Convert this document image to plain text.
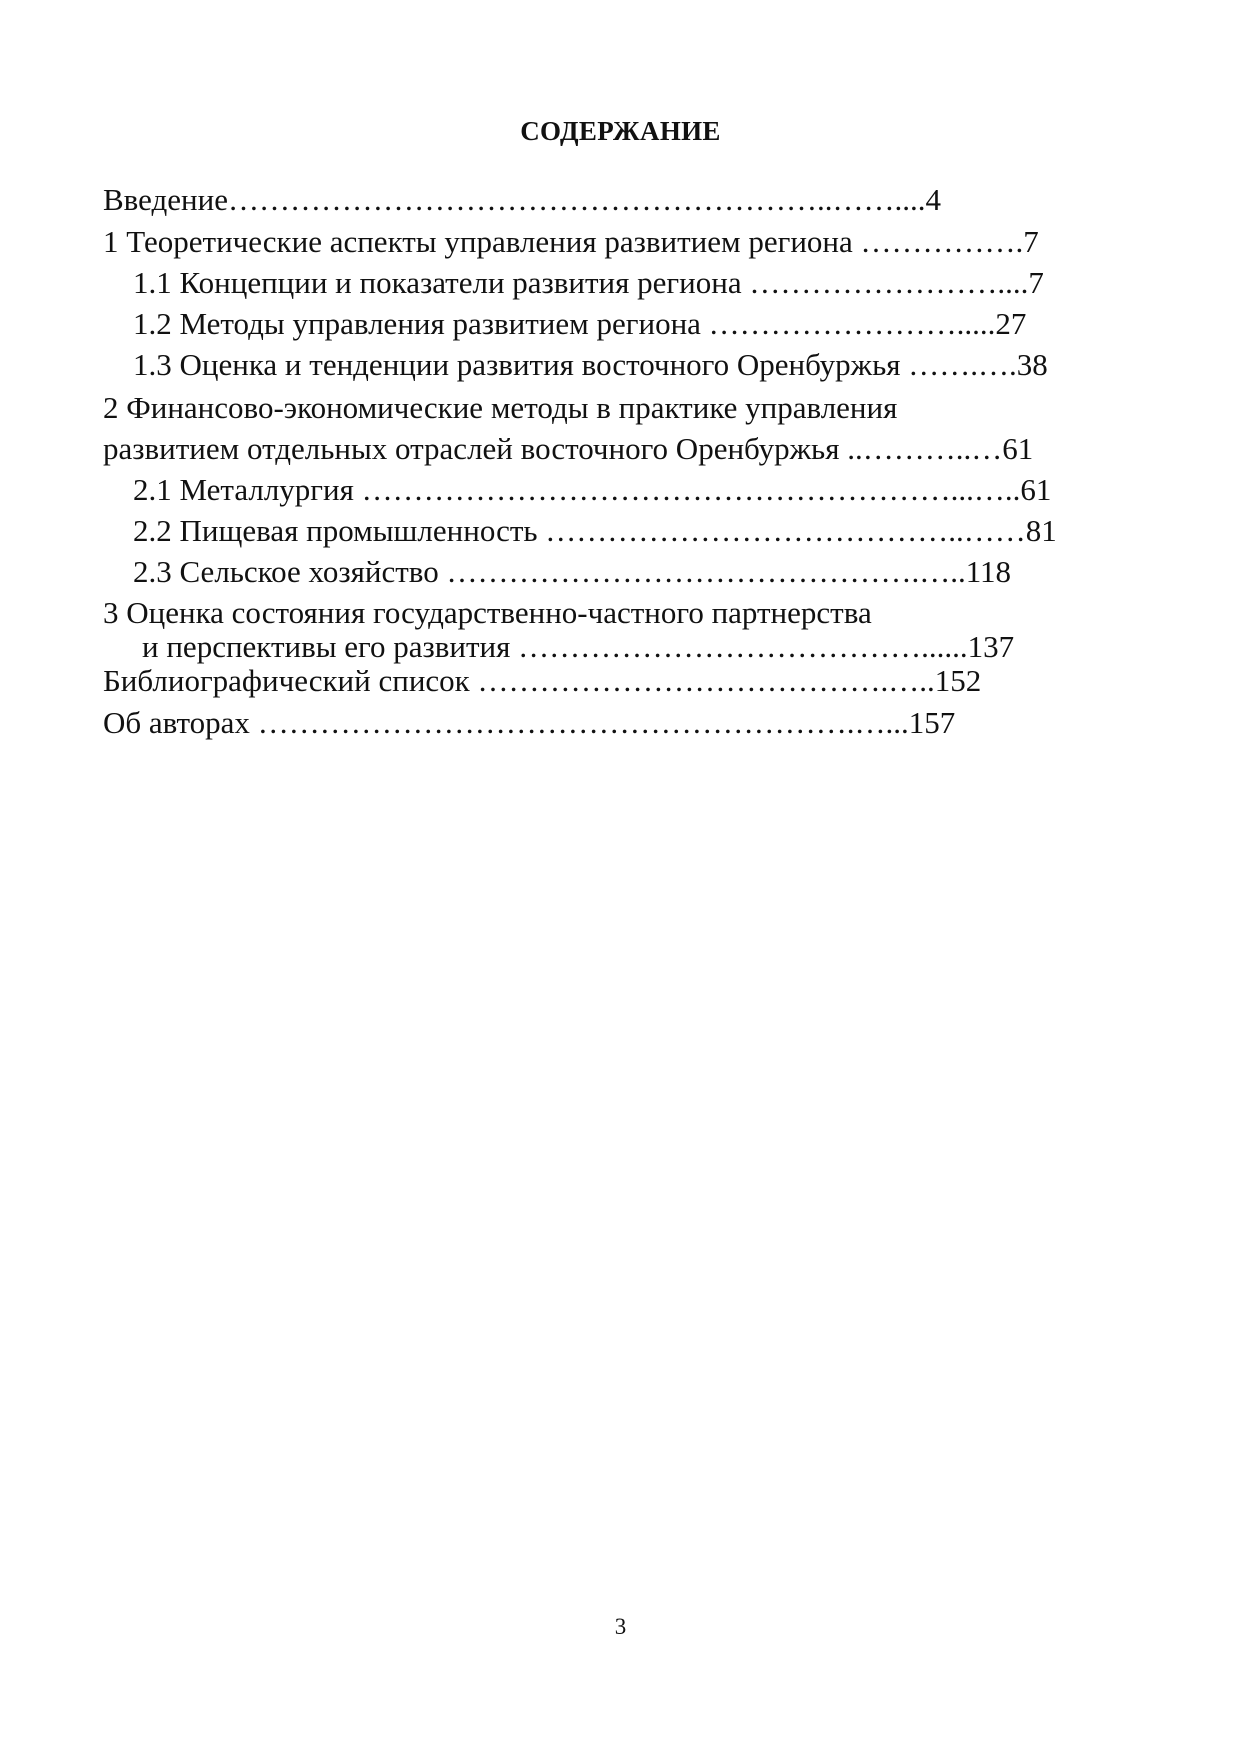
СОДЕРЖАНИЕ
Введение…………………………………………………..……....4
1 Теоретические аспекты управления развитием региона …………….7
1.1 Концепции и показатели развития региона ……………………....7
1.2 Методы управления развитием региона …………………….....27
1.3 Оценка и тенденции развития восточного Оренбуржья …….….38
2 Финансово-экономические методы в практике управления
развитием отдельных отраслей восточного Оренбуржья ..………..…61
2.1 Металлургия …………………………………………………...…..61
2.2 Пищевая промышленность …………………………………..……81
2.3 Сельское хозяйство ……………………………………….…..118
3 Оценка состояния государственно-частного партнерства
и перспективы его развития …………………………………......137
Библиографический список ………………………………….…..152
Об авторах ………………………………………………….…...157
3
